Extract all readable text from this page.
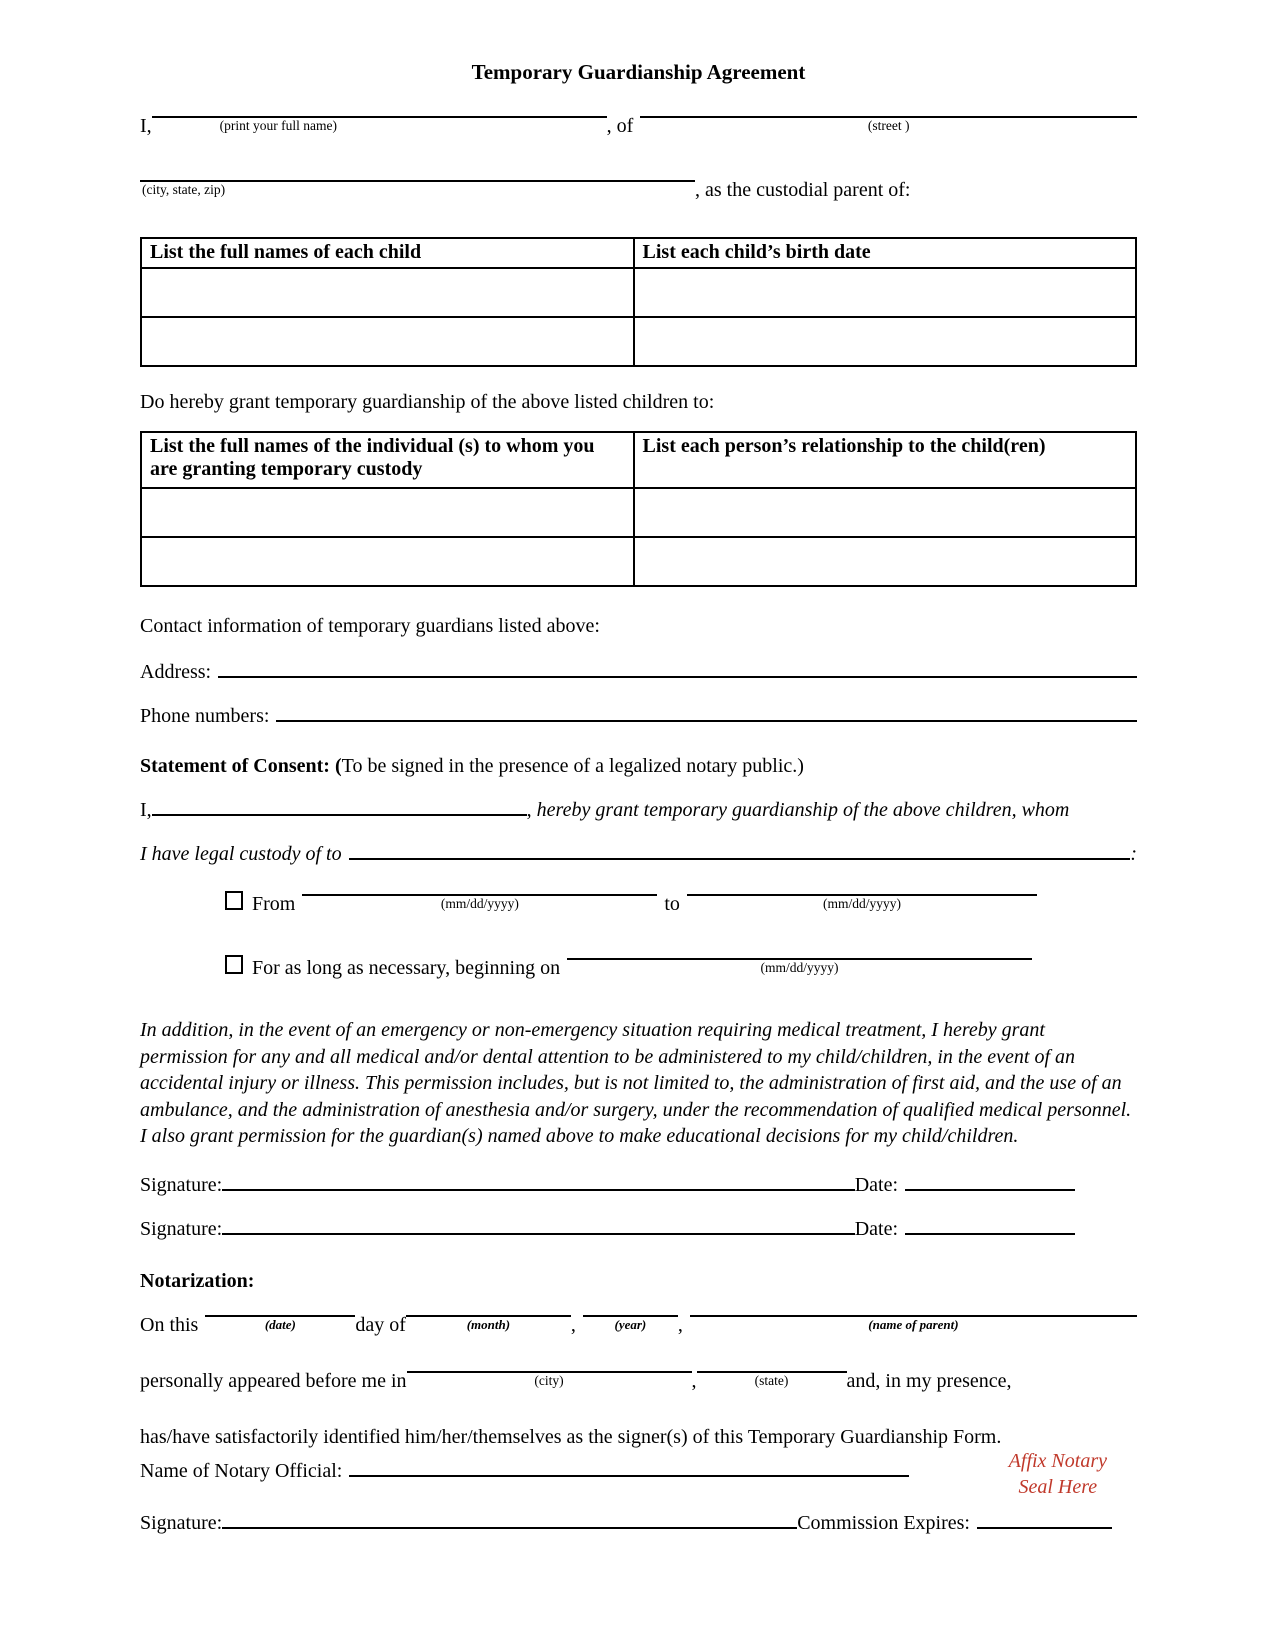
Temporary Guardianship Agreement
I,

	(print your full name)

	, of

	(street )

(city, state, zip)

	, as the custodial parent of:
List the full names of each child	List each child’s birth date

Do hereby grant temporary guardianship of the above listed children to:

List the full names of the individual (s) to whom you are granting temporary custody	List each person’s relationship to the child(ren)

Contact information of temporary guardians listed above:

Address:
Phone numbers:

Statement of Consent: (To be signed in the presence of a legalized notary public.)

I,	, hereby grant temporary guardianship of the above children, whom
I have legal custody of to	:
From

	(mm/dd/yyyy)

	to

	(mm/dd/yyyy)

For as long as necessary, beginning on

	(mm/dd/yyyy)

In addition, in the event of an emergency or non-emergency situation requiring medical treatment, I hereby grant permission for any and all medical and/or dental attention to be administered to my child/children, in the event of an accidental injury or illness. This permission includes, but is not limited to, the administration of first aid, and the use of an ambulance, and the administration of anesthesia and/or surgery, under the recommendation of qualified medical personnel. I also grant permission for the guardian(s) named above to make educational decisions for my child/children.

Signature:	Date:
Signature:	Date:

Notarization:

On this

	(date)

	day of

	(month)

	,

	(year)

,

	(name of parent)

personally appeared before me in

	(city)

	,

	(state)

	and, in my presence,

has/have satisfactorily identified him/her/themselves as the signer(s) of this Temporary Guardianship Form.

Affix Notary
Seal Here
Name of Notary Official:
Signature:	Commission Expires:
